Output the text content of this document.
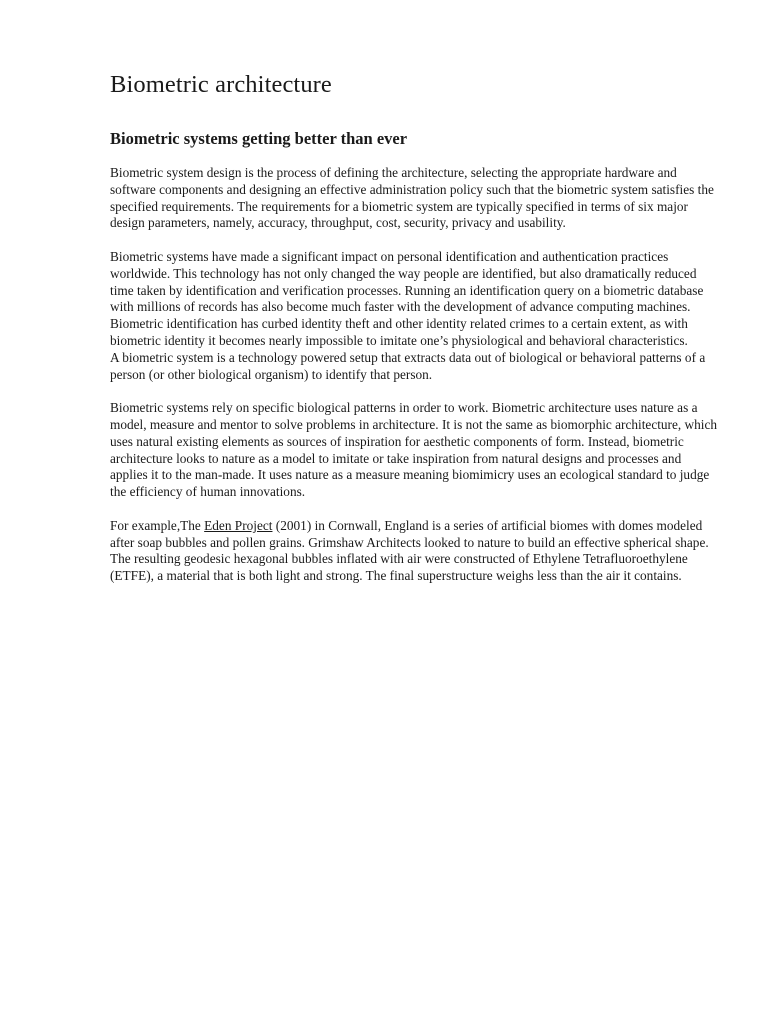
Biometric architecture
Biometric systems getting better than ever

Biometric system design is the process of defining the architecture, selecting the appropriate hardware and software components and designing an effective administration policy such that the biometric system satisfies the specified requirements. The requirements for a biometric system are typically specified in terms of six major design parameters, namely, accuracy, throughput, cost, security, privacy and usability.

Biometric systems have made a significant impact on personal identification and authentication practices worldwide. This technology has not only changed the way people are identified, but also dramatically reduced time taken by identification and verification processes. Running an identification query on a biometric database with millions of records has also become much faster with the development of advance computing machines. Biometric identification has curbed identity theft and other identity related crimes to a certain extent, as with biometric identity it becomes nearly impossible to imitate one’s physiological and behavioral characteristics.

A biometric system is a technology powered setup that extracts data out of biological or behavioral patterns of a person (or other biological organism) to identify that person.

Biometric systems rely on specific biological patterns in order to work. Biometric architecture uses nature as a model, measure and mentor to solve problems in architecture. It is not the same as biomorphic architecture, which uses natural existing elements as sources of inspiration for aesthetic components of form. Instead, biometric architecture looks to nature as a model to imitate or take inspiration from natural designs and processes and applies it to the man-made. It uses nature as a measure meaning biomimicry uses an ecological standard to judge the efficiency of human innovations.

For example,The Eden Project (2001) in Cornwall, England is a series of artificial biomes with domes modeled after soap bubbles and pollen grains. Grimshaw Architects looked to nature to build an effective spherical shape. The resulting geodesic hexagonal bubbles inflated with air were constructed of Ethylene Tetrafluoroethylene (ETFE), a material that is both light and strong. The final superstructure weighs less than the air it contains.
